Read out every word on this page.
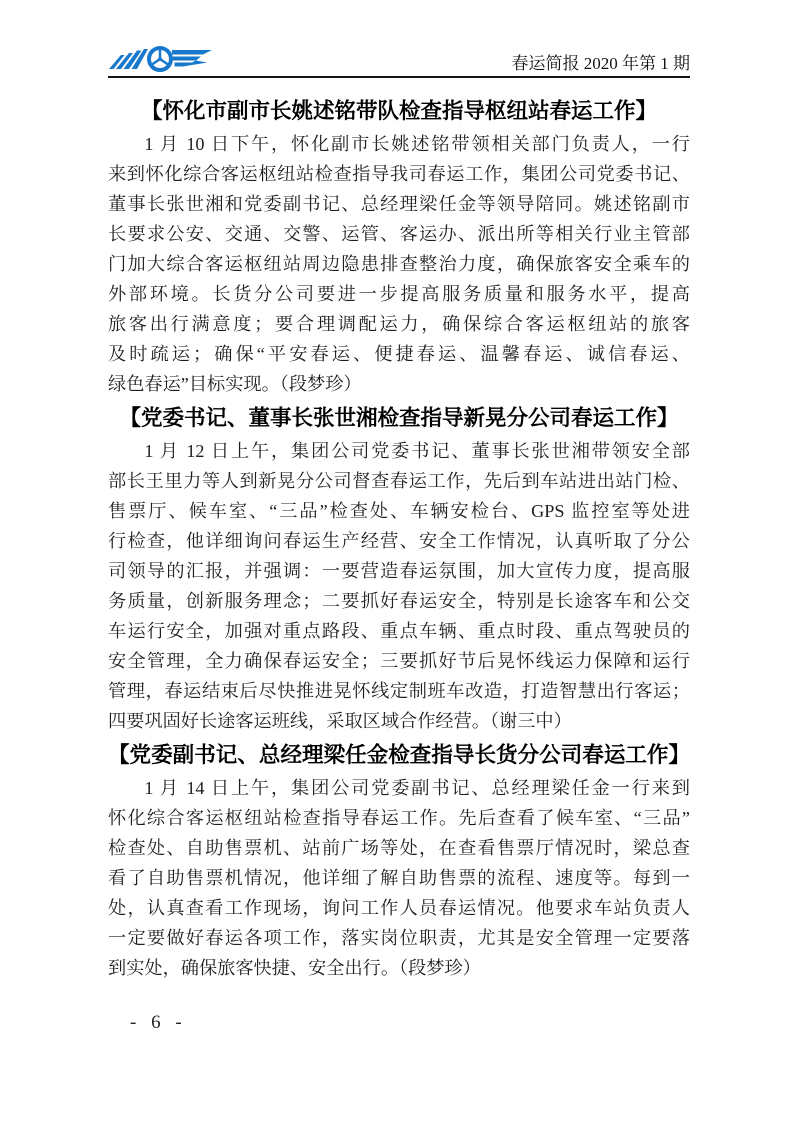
春运简报 2020 年第 1 期
【怀化市副市长姚述铭带队检查指导枢纽站春运工作】
1 月 10 日下午，怀化副市长姚述铭带领相关部门负责人，一行
来到怀化综合客运枢纽站检查指导我司春运工作，集团公司党委书记、
董事长张世湘和党委副书记、总经理梁任金等领导陪同。姚述铭副市
长要求公安、交通、交警、运管、客运办、派出所等相关行业主管部
门加大综合客运枢纽站周边隐患排查整治力度，确保旅客安全乘车的
外部环境。长货分公司要进一步提高服务质量和服务水平，提高
旅客出行满意度；要合理调配运力，确保综合客运枢纽站的旅客
及时疏运；确保“平安春运、便捷春运、温馨春运、诚信春运、
绿色春运”目标实现。（段梦珍）
【党委书记、董事长张世湘检查指导新晃分公司春运工作】
1 月 12 日上午，集团公司党委书记、董事长张世湘带领安全部
部长王里力等人到新晃分公司督查春运工作，先后到车站进出站门检、
售票厅、候车室、“三品”检查处、车辆安检台、GPS 监控室等处进
行检查，他详细询问春运生产经营、安全工作情况，认真听取了分公
司领导的汇报，并强调：一要营造春运氛围，加大宣传力度，提高服
务质量，创新服务理念；二要抓好春运安全，特别是长途客车和公交
车运行安全，加强对重点路段、重点车辆、重点时段、重点驾驶员的
安全管理，全力确保春运安全；三要抓好节后晃怀线运力保障和运行
管理，春运结束后尽快推进晃怀线定制班车改造，打造智慧出行客运；
四要巩固好长途客运班线，采取区域合作经营。（谢三中）
【党委副书记、总经理梁任金检查指导长货分公司春运工作】
1 月 14 日上午，集团公司党委副书记、总经理梁任金一行来到
怀化综合客运枢纽站检查指导春运工作。先后查看了候车室、“三品”
检查处、自助售票机、站前广场等处，在查看售票厅情况时，梁总查
看了自助售票机情况，他详细了解自助售票的流程、速度等。每到一
处，认真查看工作现场，询问工作人员春运情况。他要求车站负责人
一定要做好春运各项工作，落实岗位职责，尤其是安全管理一定要落
到实处，确保旅客快捷、安全出行。（段梦珍）
- 6 -
